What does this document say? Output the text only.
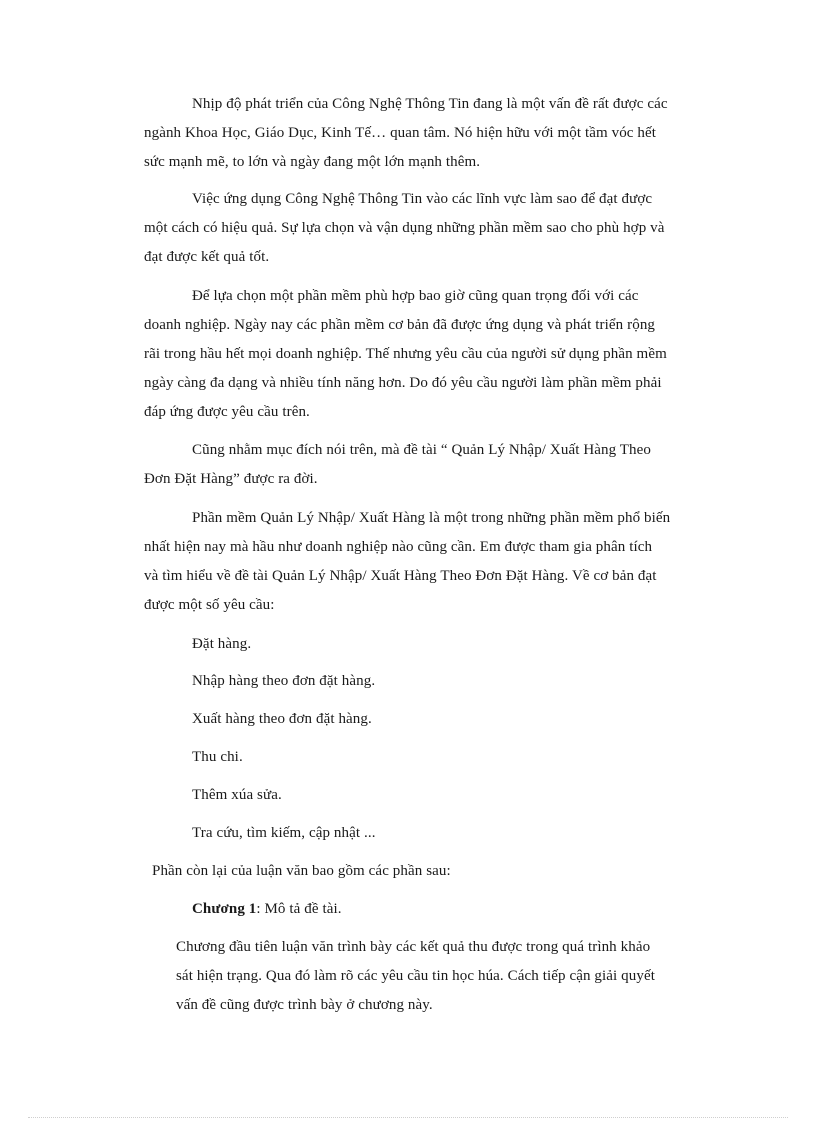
Nhịp độ phát triển của Công Nghệ Thông Tin đang là một vấn đề rất được các
ngành Khoa Học, Giáo Dục, Kinh Tế… quan tâm. Nó hiện hữu với một tầm vóc hết
sức mạnh mẽ, to lớn và ngày đang một lớn mạnh thêm.
Việc ứng dụng Công Nghệ Thông Tin vào các lĩnh vực làm sao để đạt được
một cách có hiệu quả. Sự lựa chọn và vận dụng những phần mềm sao cho phù hợp và
đạt được kết quả tốt.
Để lựa chọn một phần mềm phù hợp bao giờ cũng quan trọng đối với các
doanh nghiệp. Ngày nay các phần mềm cơ bản đã được ứng dụng và phát triển rộng
rãi trong hầu hết mọi doanh nghiệp. Thế nhưng yêu cầu của người sử dụng phần mềm
ngày càng đa dạng và nhiều tính năng hơn. Do đó yêu cầu người làm phần mềm phải
đáp ứng được yêu cầu trên.
Cũng nhằm mục đích nói trên, mà đề tài “ Quản Lý Nhập/ Xuất Hàng Theo
Đơn Đặt Hàng” được ra đời.
Phần mềm Quản Lý Nhập/ Xuất Hàng là một trong những phần mềm phổ biến
nhất hiện nay mà hầu như doanh nghiệp nào cũng cần. Em được tham gia phân tích
và tìm hiểu về đề tài Quản Lý Nhập/ Xuất Hàng Theo Đơn Đặt Hàng. Về cơ bản đạt
được một số yêu cầu:
Đặt hàng.
Nhập hàng theo đơn đặt hàng.
Xuất hàng theo đơn đặt hàng.
Thu chi.
Thêm xúa sửa.
Tra cứu, tìm kiếm, cập nhật ...
Phần còn lại của luận văn bao gồm các phần sau:
Chương 1: Mô tả đề tài.
Chương đầu tiên luận văn trình bày các kết quả thu được trong quá trình khảo
sát hiện trạng. Qua đó làm rõ các yêu cầu tin học húa. Cách tiếp cận giải quyết
vấn đề cũng được trình bày ở chương này.
